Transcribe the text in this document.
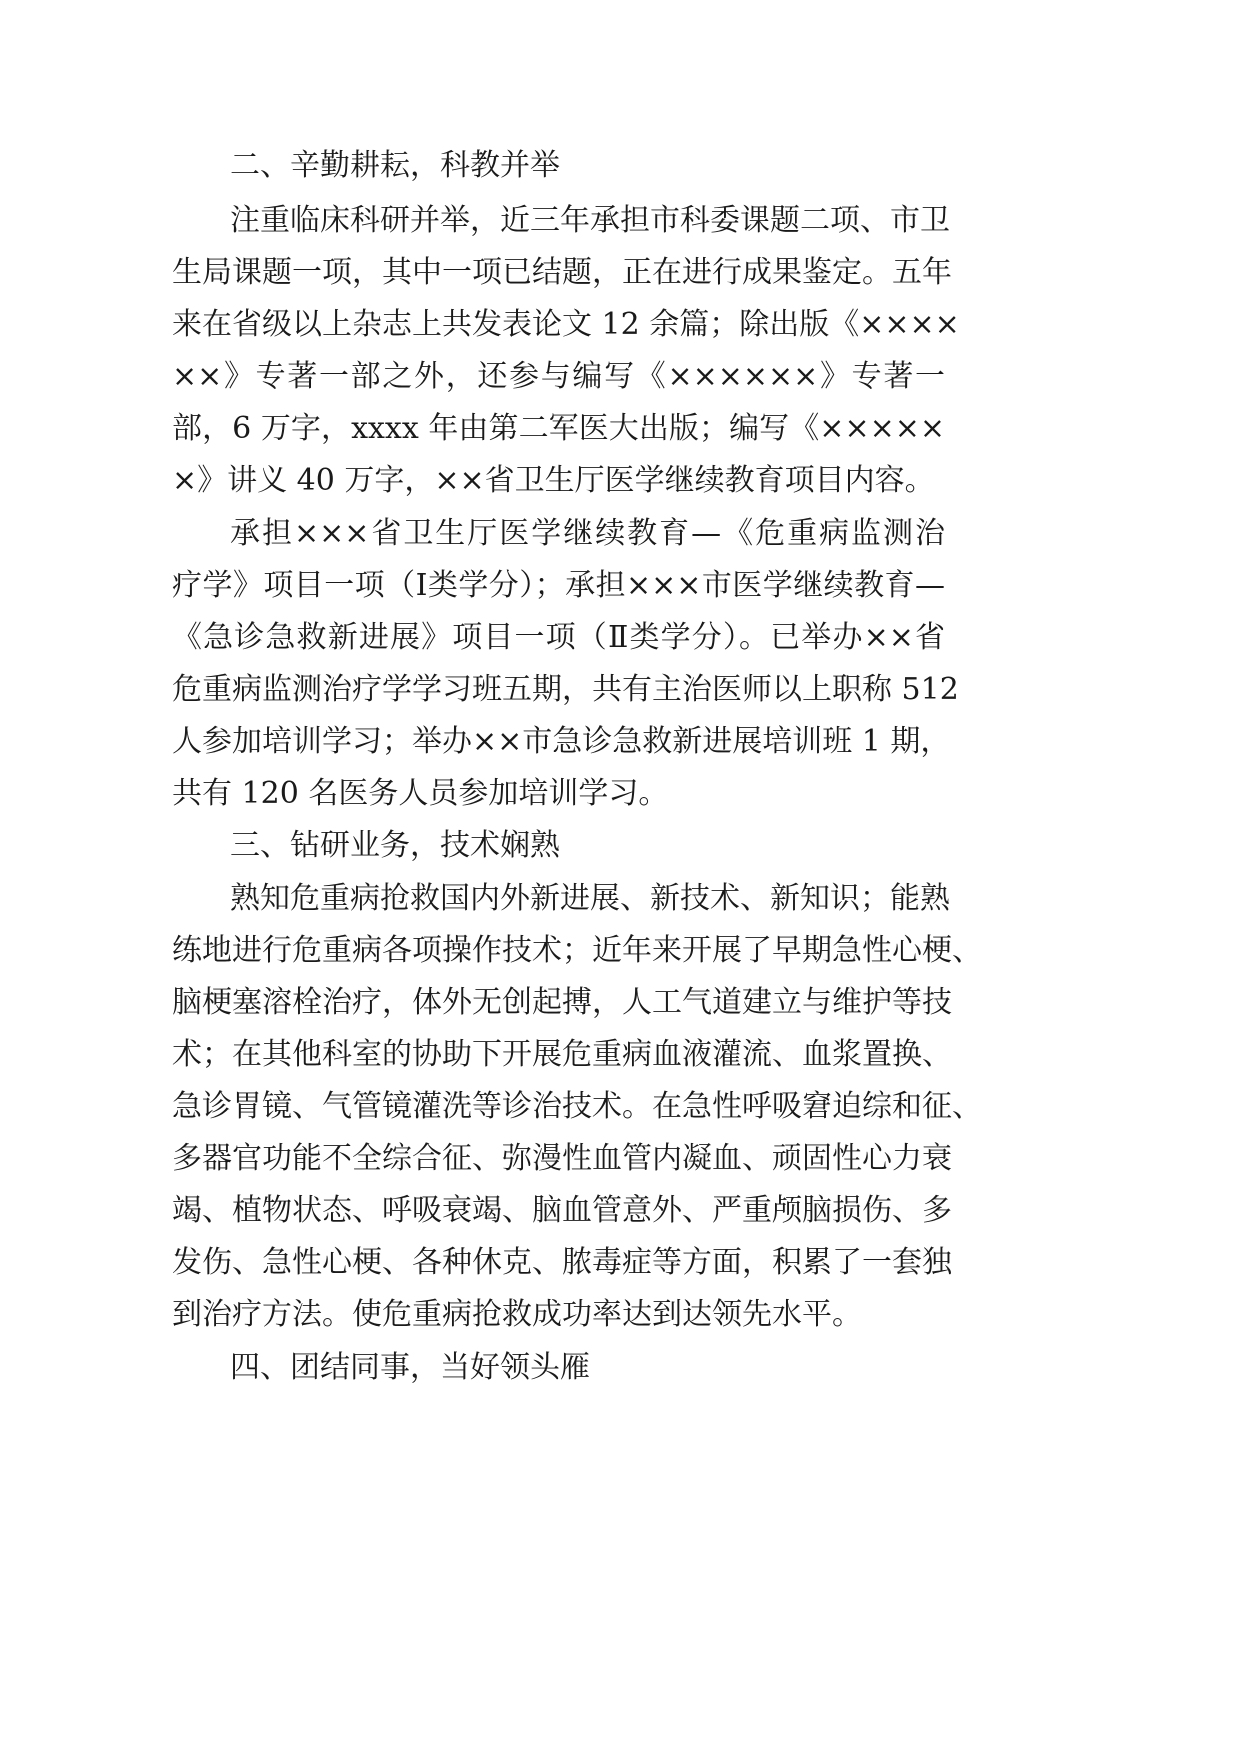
二、辛勤耕耘，科教并举
注重临床科研并举，近三年承担市科委课题二项、市卫
生局课题一项，其中一项已结题，正在进行成果鉴定。五年
来在省级以上杂志上共发表论文 12 余篇；除出版《××××
××》专著一部之外，还参与编写《××××××》专著一
部，6 万字，xxxx 年由第二军医大出版；编写《×××××
×》讲义 40 万字，××省卫生厅医学继续教育项目内容。
承担×××省卫生厅医学继续教育—《危重病监测治
疗学》项目一项（Ⅰ类学分）；承担×××市医学继续教育—
《急诊急救新进展》项目一项（Ⅱ类学分）。已举办××省
危重病监测治疗学学习班五期，共有主治医师以上职称 512
人参加培训学习；举办××市急诊急救新进展培训班 1 期，
共有 120 名医务人员参加培训学习。
三、钻研业务，技术娴熟
熟知危重病抢救国内外新进展、新技术、新知识；能熟
练地进行危重病各项操作技术；近年来开展了早期急性心梗、
脑梗塞溶栓治疗，体外无创起搏，人工气道建立与维护等技
术；在其他科室的协助下开展危重病血液灌流、血浆置换、
急诊胃镜、气管镜灌洗等诊治技术。在急性呼吸窘迫综和征、
多器官功能不全综合征、弥漫性血管内凝血、顽固性心力衰
竭、植物状态、呼吸衰竭、脑血管意外、严重颅脑损伤、多
发伤、急性心梗、各种休克、脓毒症等方面，积累了一套独
到治疗方法。使危重病抢救成功率达到达领先水平。
四、团结同事，当好领头雁
